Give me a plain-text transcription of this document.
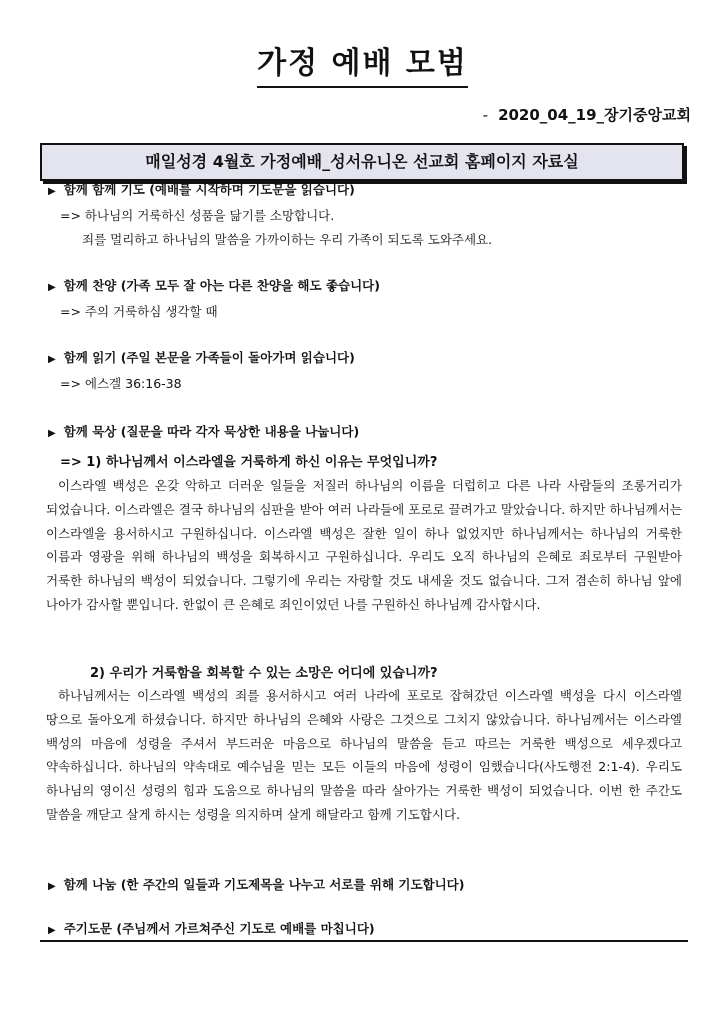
가정 예배 모범
- 2020_04_19_장기중앙교회
매일성경 4월호 가정예배_성서유니온 선교회 홈페이지 자료실
▶ 함께 함께 기도 (예배를 시작하며 기도문을 읽습니다)
=> 하나님의 거룩하신 성품을 닮기를 소망합니다.
죄를 멀리하고 하나님의 말씀을 가까이하는 우리 가족이 되도록 도와주세요.
▶ 함께 찬양 (가족 모두 잘 아는 다른 찬양을 해도 좋습니다)
=> 주의 거룩하심 생각할 때
▶ 함께 읽기 (주일 본문을 가족들이 돌아가며 읽습니다)
=> 에스겔 36:16-38
▶ 함께 묵상 (질문을 따라 각자 묵상한 내용을 나눕니다)
=> 1) 하나님께서 이스라엘을 거룩하게 하신 이유는 무엇입니까?
이스라엘 백성은 온갖 악하고 더러운 일들을 저질러 하나님의 이름을 더럽히고 다른 나라 사람들의 조롱거리가 되었습니다. 이스라엘은 결국 하나님의 심판을 받아 여러 나라들에 포로로 끌려가고 말았습니다. 하지만 하나님께서는 이스라엘을 용서하시고 구원하십니다. 이스라엘 백성은 잘한 일이 하나 없었지만 하나님께서는 하나님의 거룩한 이름과 영광을 위해 하나님의 백성을 회복하시고 구원하십니다. 우리도 오직 하나님의 은혜로 죄로부터 구원받아 거룩한 하나님의 백성이 되었습니다. 그렇기에 우리는 자랑할 것도 내세울 것도 없습니다. 그저 겸손히 하나님 앞에 나아가 감사할 뿐입니다. 한없이 큰 은혜로 죄인이었던 나를 구원하신 하나님께 감사합시다.
2) 우리가 거룩함을 회복할 수 있는 소망은 어디에 있습니까?
하나님께서는 이스라엘 백성의 죄를 용서하시고 여러 나라에 포로로 잡혀갔던 이스라엘 백성을 다시 이스라엘 땅으로 돌아오게 하셨습니다. 하지만 하나님의 은혜와 사랑은 그것으로 그치지 않았습니다. 하나님께서는 이스라엘 백성의 마음에 성령을 주셔서 부드러운 마음으로 하나님의 말씀을 듣고 따르는 거룩한 백성으로 세우겠다고 약속하십니다. 하나님의 약속대로 예수님을 믿는 모든 이들의 마음에 성령이 임했습니다(사도행전 2:1-4). 우리도 하나님의 영이신 성령의 힘과 도움으로 하나님의 말씀을 따라 살아가는 거룩한 백성이 되었습니다. 이번 한 주간도 말씀을 깨닫고 살게 하시는 성령을 의지하며 살게 해달라고 함께 기도합시다.
▶ 함께 나눔 (한 주간의 일들과 기도제목을 나누고 서로를 위해 기도합니다)
▶ 주기도문 (주님께서 가르쳐주신 기도로 예배를 마칩니다)
